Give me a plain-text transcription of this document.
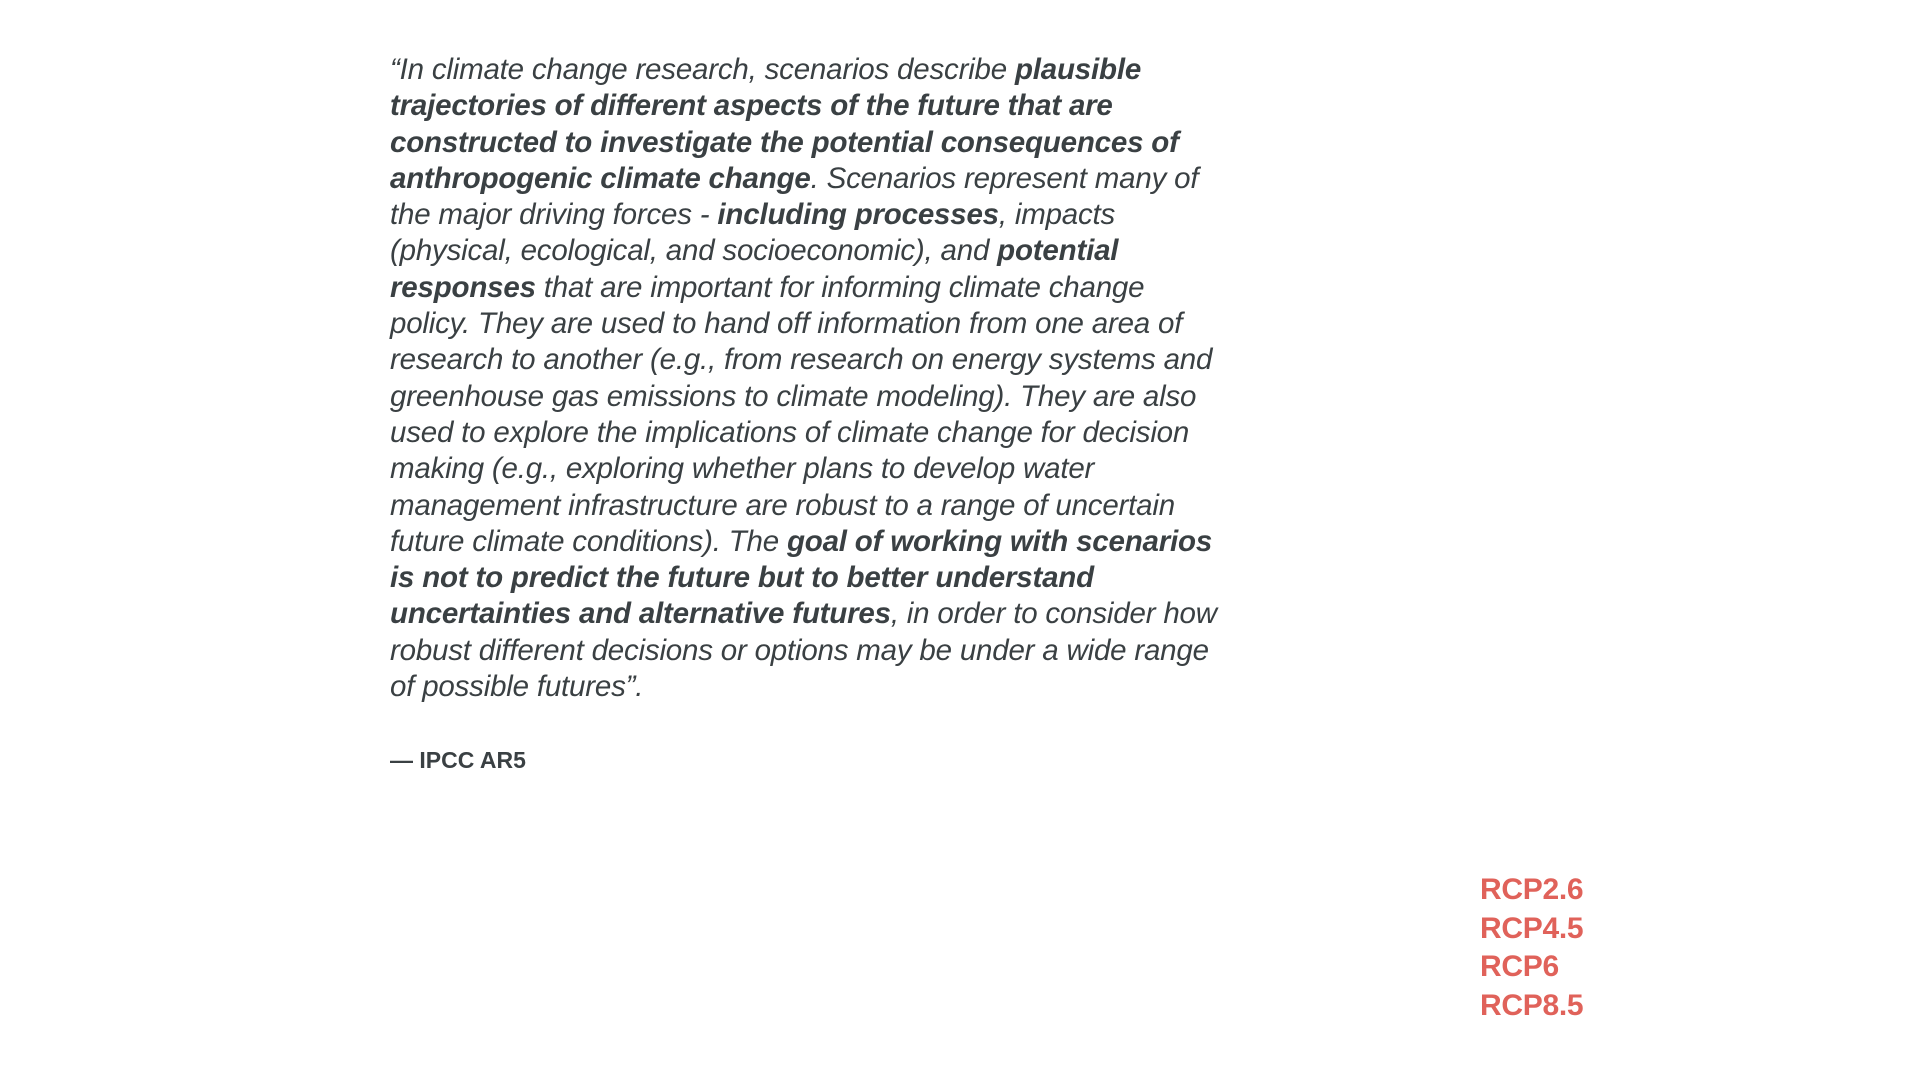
“In climate change research, scenarios describe plausible
trajectories of different aspects of the future that are
constructed to investigate the potential consequences of
anthropogenic climate change. Scenarios represent many of
the major driving forces - including processes, impacts
(physical, ecological, and socioeconomic), and potential
responses that are important for informing climate change
policy. They are used to hand off information from one area of
research to another (e.g., from research on energy systems and
greenhouse gas emissions to climate modeling). They are also
used to explore the implications of climate change for decision
making (e.g., exploring whether plans to develop water
management infrastructure are robust to a range of uncertain
future climate conditions). The goal of working with scenarios
is not to predict the future but to better understand
uncertainties and alternative futures, in order to consider how
robust different decisions or options may be under a wide range
of possible futures”.

— IPCC AR5

RCP2.6
RCP4.5
RCP6
RCP8.5
